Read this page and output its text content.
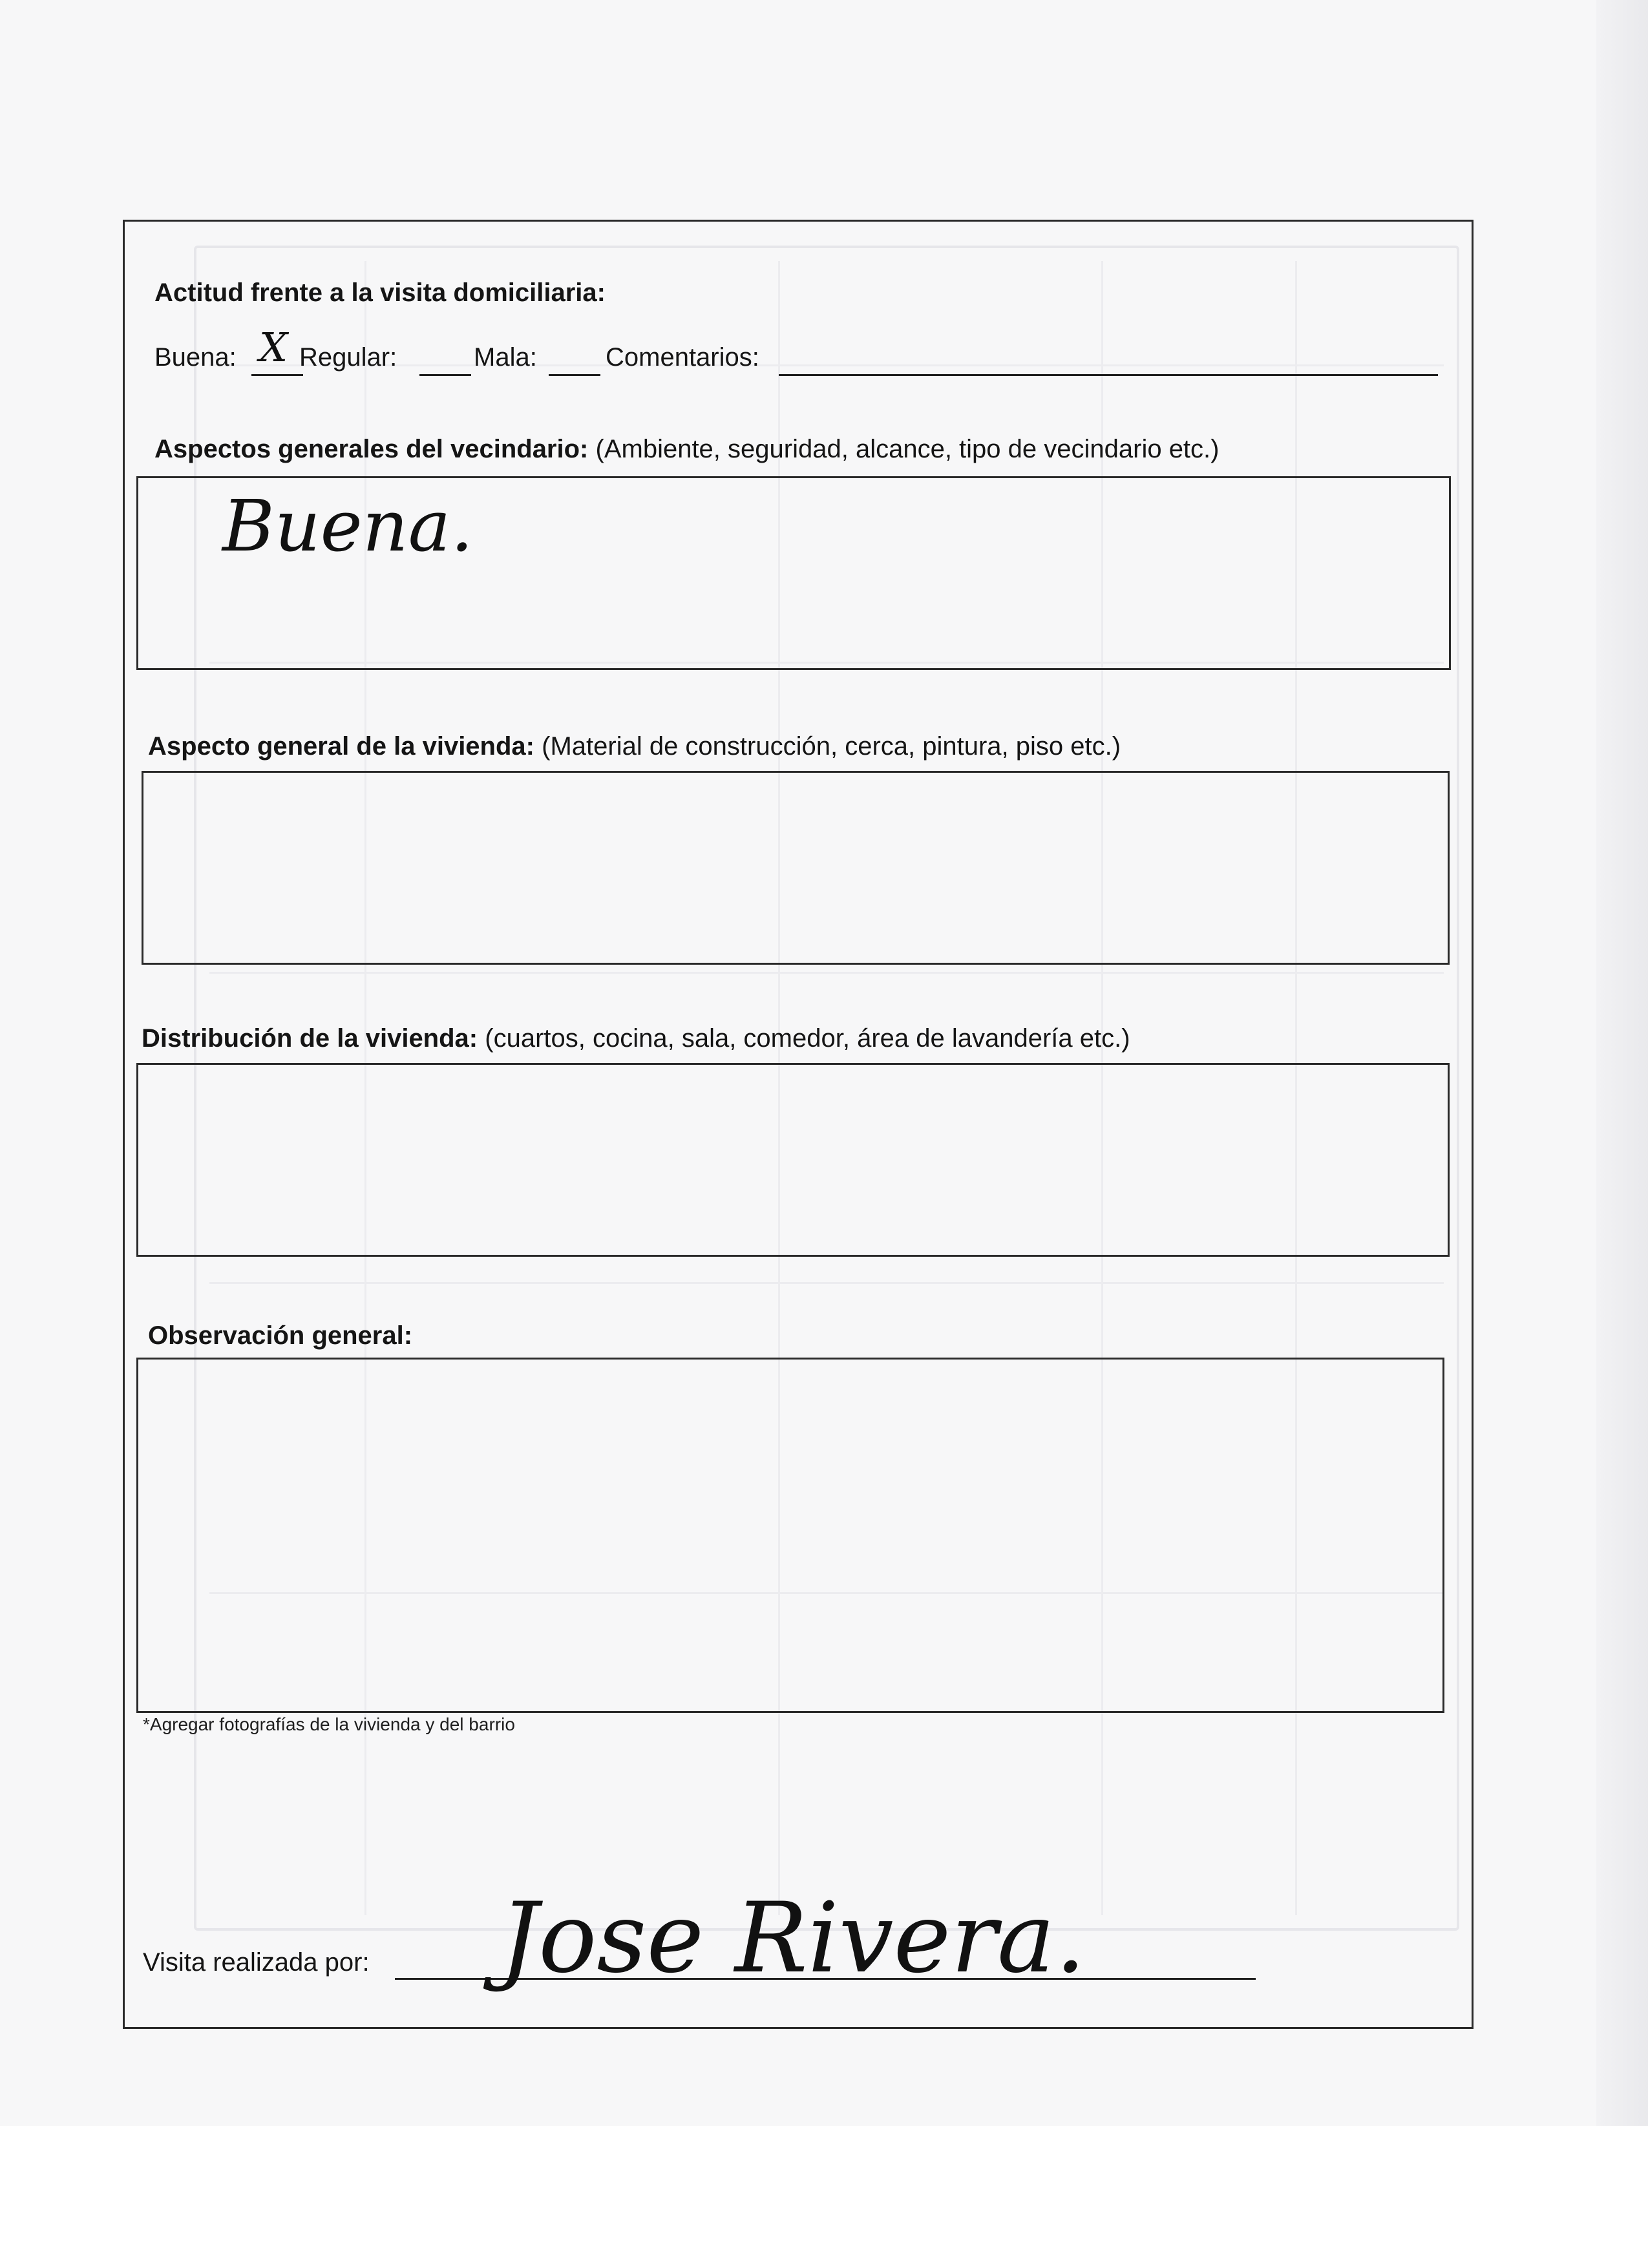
Actitud frente a la visita domiciliaria:
Buena: X Regular:	Mala:	Comentarios:
Aspectos generales del vecindario: (Ambiente, seguridad, alcance, tipo de vecindario etc.)
Buena.
Aspecto general de la vivienda: (Material de construcción, cerca, pintura, piso etc.)
Distribución de la vivienda: (cuartos, cocina, sala, comedor, área de lavandería etc.)
Observación general:
*Agregar fotografías de la vivienda y del barrio
Visita realizada por: Jose Rivera.
